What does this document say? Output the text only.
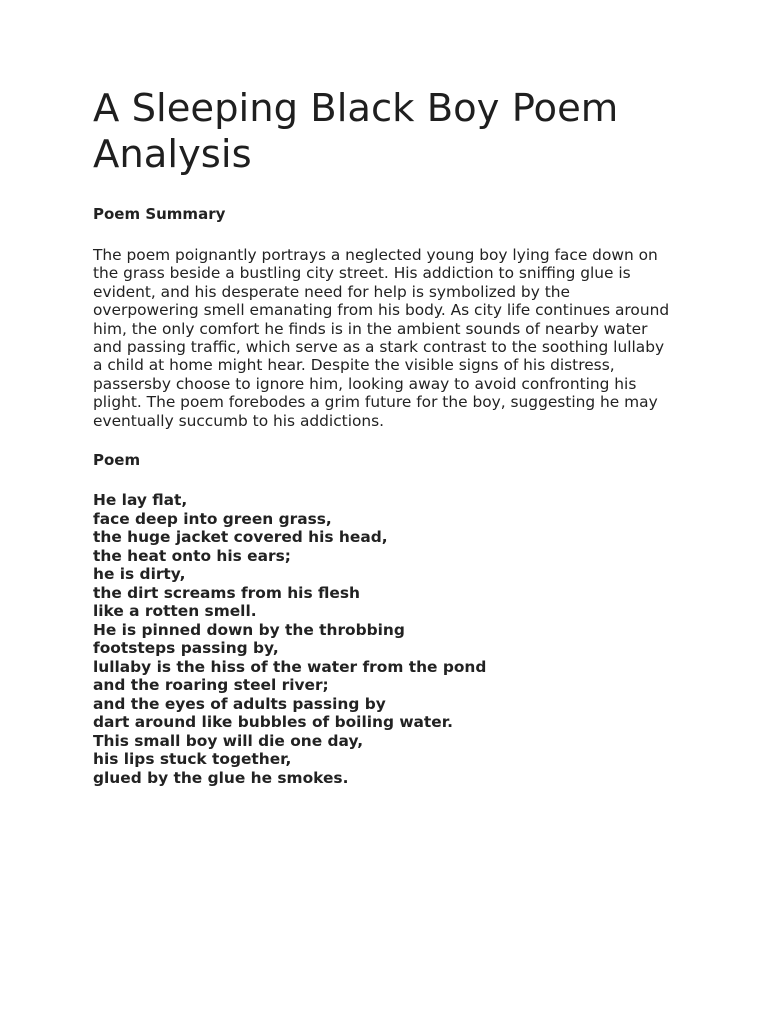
A Sleeping Black Boy Poem Analysis
Poem Summary

The poem poignantly portrays a neglected young boy lying face down on the grass beside a bustling city street. His addiction to sniffing glue is evident, and his desperate need for help is symbolized by the overpowering smell emanating from his body. As city life continues around him, the only comfort he finds is in the ambient sounds of nearby water and passing traffic, which serve as a stark contrast to the soothing lullaby a child at home might hear. Despite the visible signs of his distress, passersby choose to ignore him, looking away to avoid confronting his plight. The poem forebodes a grim future for the boy, suggesting he may eventually succumb to his addictions.

Poem
He lay flat,
face deep into green grass,
the huge jacket covered his head,
the heat onto his ears;
he is dirty,
the dirt screams from his flesh
like a rotten smell.
He is pinned down by the throbbing
footsteps passing by,
lullaby is the hiss of the water from the pond
and the roaring steel river;
and the eyes of adults passing by
dart around like bubbles of boiling water.
This small boy will die one day,
his lips stuck together,
glued by the glue he smokes.
